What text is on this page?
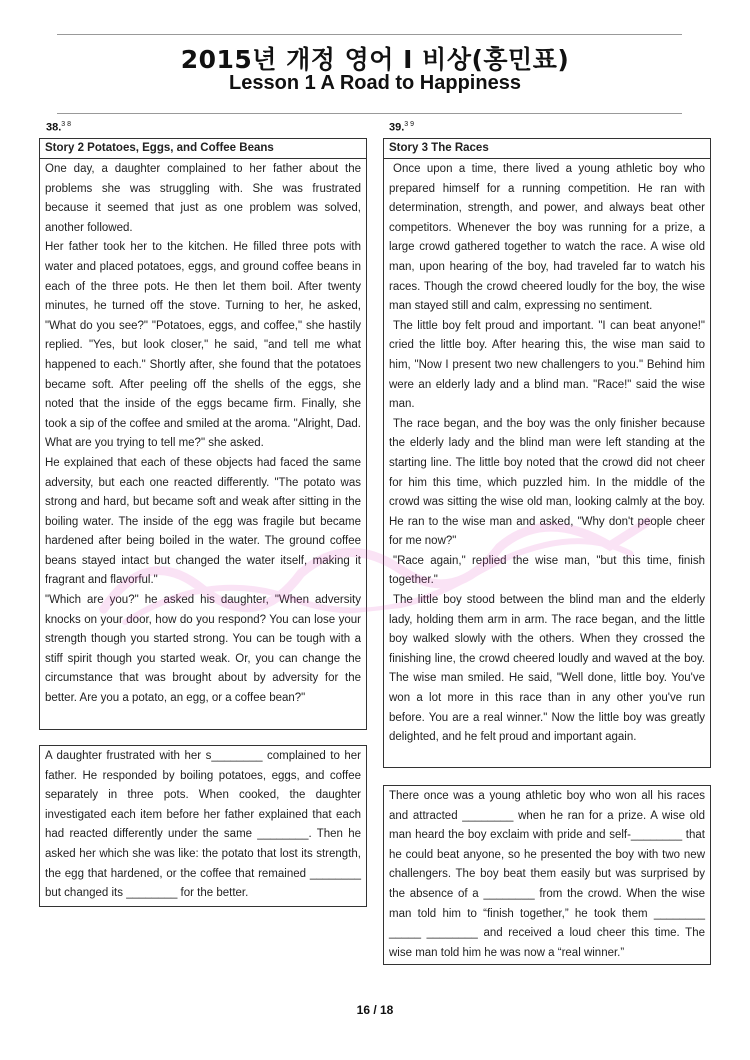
2015년 개정 영어 I 비상(홍민표)
Lesson 1 A Road to Happiness
38.$^{3 8}$
Story 2 Potatoes, Eggs, and Coffee Beans

One day, a daughter complained to her father about the problems she was struggling with. She was frustrated because it seemed that just as one problem was solved, another followed.

Her father took her to the kitchen. He filled three pots with water and placed potatoes, eggs, and ground coffee beans in each of the three pots. He then let them boil. After twenty minutes, he turned off the stove. Turning to her, he asked, "What do you see?" "Potatoes, eggs, and coffee," she hastily replied. "Yes, but look closer," he said, "and tell me what happened to each." Shortly after, she found that the potatoes became soft. After peeling off the shells of the eggs, she noted that the inside of the eggs became firm. Finally, she took a sip of the coffee and smiled at the aroma. "Alright, Dad. What are you trying to tell me?" she asked.

He explained that each of these objects had faced the same adversity, but each one reacted differently. "The potato was strong and hard, but became soft and weak after sitting in the boiling water. The inside of the egg was fragile but became hardened after being boiled in the water. The ground coffee beans stayed intact but changed the water itself, making it fragrant and flavorful."

"Which are you?" he asked his daughter, "When adversity knocks on your door, how do you respond? You can lose your strength though you started strong. You can be tough with a stiff spirit though you started weak. Or, you can change the circumstance that was brought about by adversity for the better. Are you a potato, an egg, or a coffee bean?"

A daughter frustrated with her s________ complained to her father. He responded by boiling potatoes, eggs, and coffee separately in three pots. When cooked, the daughter investigated each item before her father explained that each had reacted differently under the same ________. Then he asked her which she was like: the potato that lost its strength, the egg that hardened, or the coffee that remained ________ but changed its ________ for the better.
39.$^{3 9}$
Story 3 The Races

Once upon a time, there lived a young athletic boy who prepared himself for a running competition. He ran with determination, strength, and power, and always beat other competitors. Whenever the boy was running for a prize, a large crowd gathered together to watch the race. A wise old man, upon hearing of the boy, had traveled far to watch his races. Though the crowd cheered loudly for the boy, the wise man stayed still and calm, expressing no sentiment.

The little boy felt proud and important. "I can beat anyone!" cried the little boy. After hearing this, the wise man said to him, "Now I present two new challengers to you." Behind him were an elderly lady and a blind man. "Race!" said the wise man.

The race began, and the boy was the only finisher because the elderly lady and the blind man were left standing at the starting line. The little boy noted that the crowd did not cheer for him this time, which puzzled him. In the middle of the crowd was sitting the wise old man, looking calmly at the boy. He ran to the wise man and asked, "Why don't people cheer for me now?"

"Race again," replied the wise man, "but this time, finish together."

The little boy stood between the blind man and the elderly lady, holding them arm in arm. The race began, and the little boy walked slowly with the others. When they crossed the finishing line, the crowd cheered loudly and waved at the boy. The wise man smiled. He said, "Well done, little boy. You've won a lot more in this race than in any other you've run before. You are a real winner." Now the little boy was greatly delighted, and he felt proud and important again.

There once was a young athletic boy who won all his races and attracted ________ when he ran for a prize. A wise old man heard the boy exclaim with pride and self-________ that he could beat anyone, so he presented the boy with two new challengers. The boy beat them easily but was surprised by the absence of a ________ from the crowd. When the wise man told him to “finish together,” he took them ________ _____ ________ and received a loud cheer this time. The wise man told him he was now a “real winner.”
16 / 18
